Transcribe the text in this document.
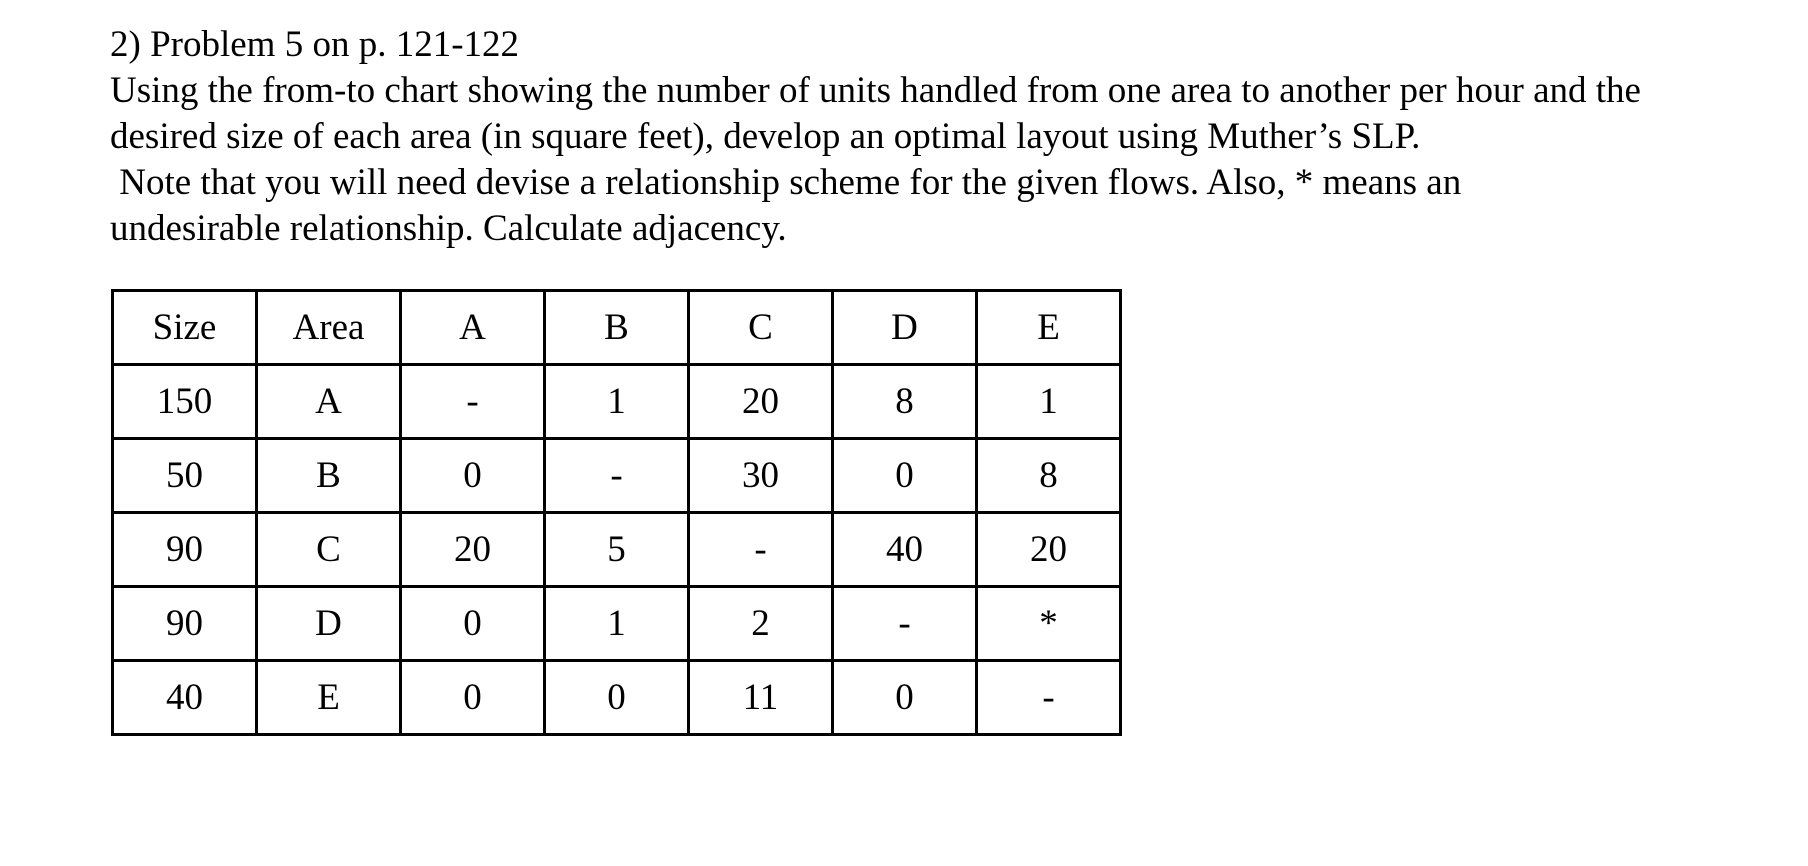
2) Problem 5 on p. 121-122
Using the from-to chart showing the number of units handled from one area to another per hour and the
desired size of each area (in square feet), develop an optimal layout using Muther’s SLP.
Note that you will need devise a relationship scheme for the given flows. Also, * means an
undesirable relationship. Calculate adjacency.
Size	Area	A	B	C	D	E
150	A	-	1	20	8	1
50	B	0	-	30	0	8
90	C	20	5	-	40	20
90	D	0	1	2	-	*
40	E	0	0	11	0	-
